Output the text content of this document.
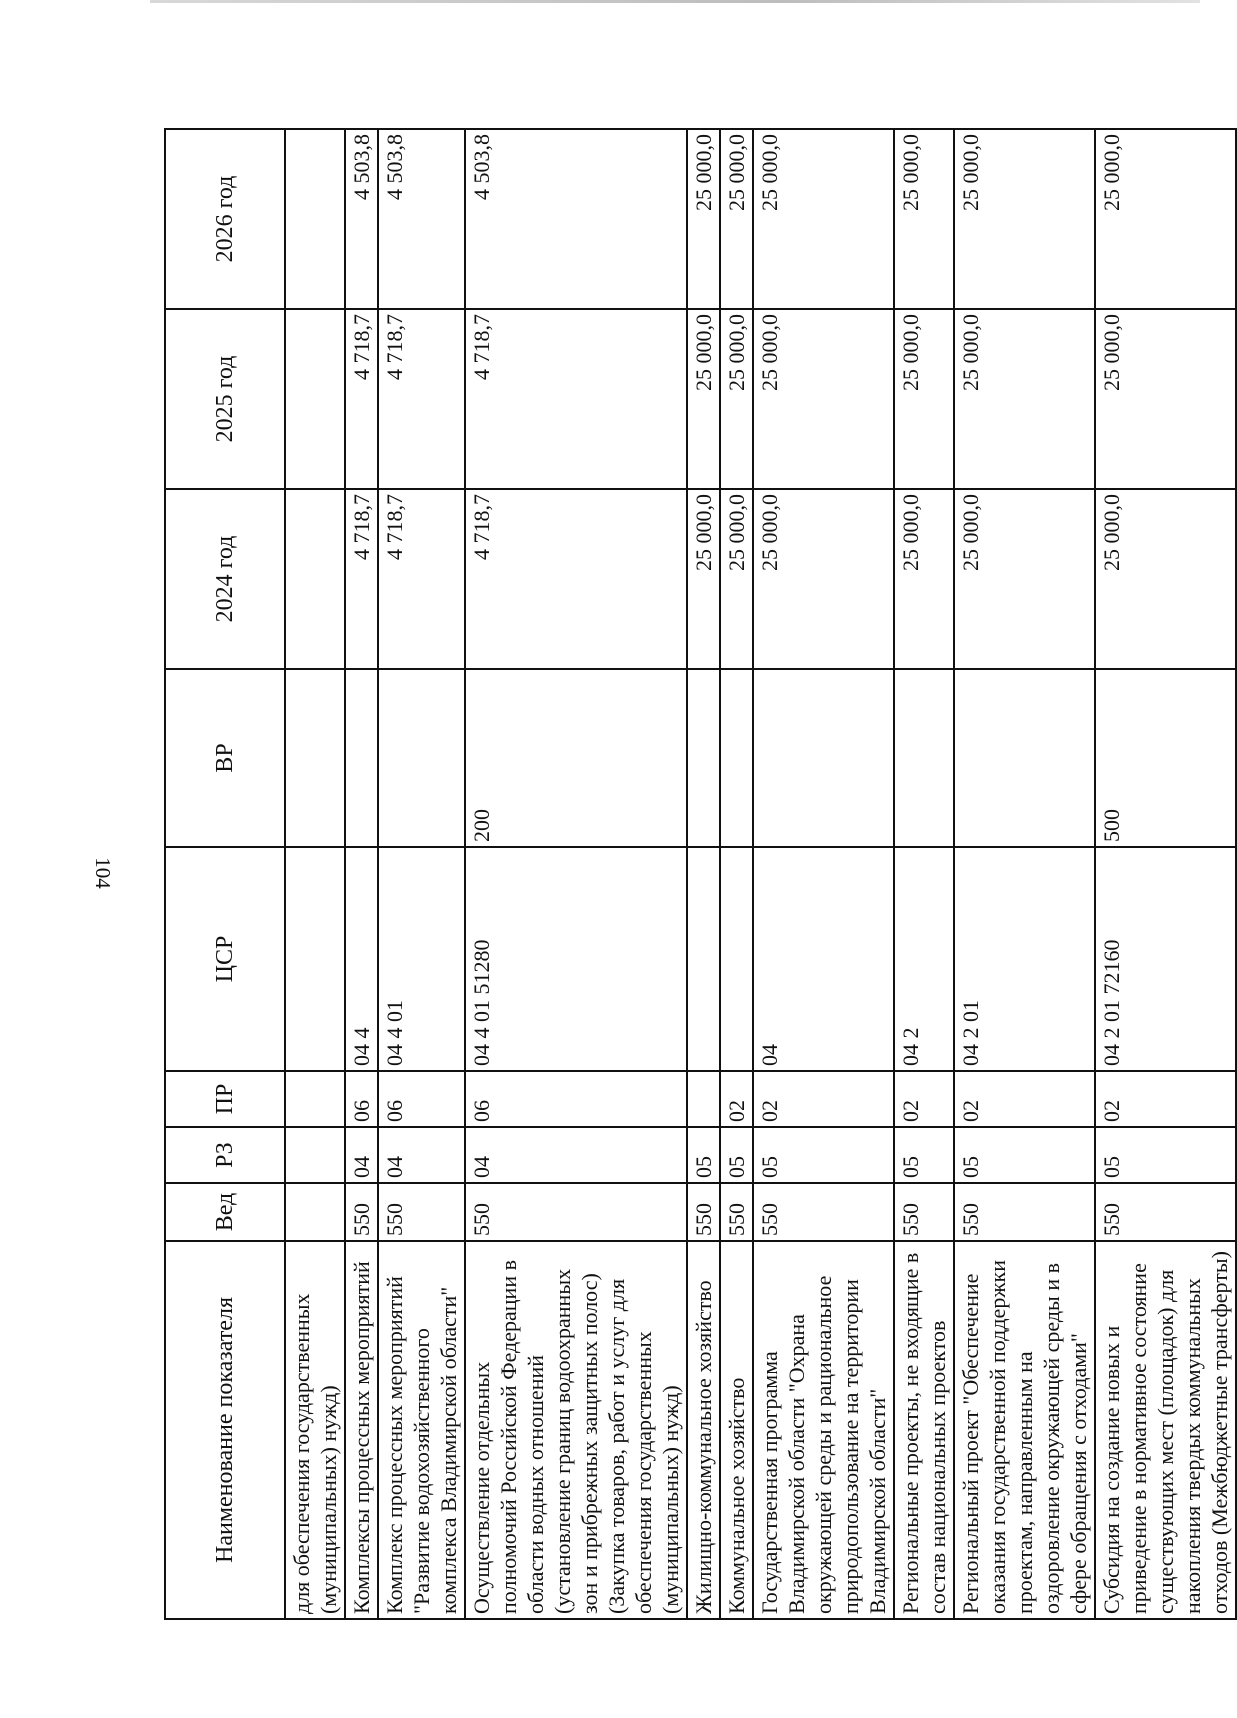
104
Наименование показателя	Вед	РЗ	ПР	ЦСР	ВР	2024 год	2025 год	2026 год
для обеспечения государственных (муниципальных) нужд)								
Комплексы процессных мероприятий	550	04	06	04 4		4 718,7	4 718,7	4 503,8
Комплекс процессных мероприятий "Развитие водохозяйственного комплекса Владимирской области"	550	04	06	04 4 01		4 718,7	4 718,7	4 503,8
Осуществление отдельных полномочий Российской Федерации в области водных отношений (установление границ водоохранных зон и прибрежных защитных полос) (Закупка товаров, работ и услуг для обеспечения государственных (муниципальных) нужд)	550	04	06	04 4 01 51280	200	4 718,7	4 718,7	4 503,8
Жилищно-коммунальное хозяйство	550	05				25 000,0	25 000,0	25 000,0
Коммунальное хозяйство	550	05	02			25 000,0	25 000,0	25 000,0
Государственная программа Владимирской области "Охрана окружающей среды и рациональное природопользование на территории Владимирской области"	550	05	02	04		25 000,0	25 000,0	25 000,0
Региональные проекты, не входящие в состав национальных проектов	550	05	02	04 2		25 000,0	25 000,0	25 000,0
Региональный проект "Обеспечение оказания государственной поддержки проектам, направленным на оздоровление окружающей среды и в сфере обращения с отходами"	550	05	02	04 2 01		25 000,0	25 000,0	25 000,0
Субсидия на создание новых и приведение в нормативное состояние существующих мест (площадок) для накопления твердых коммунальных отходов (Межбюджетные трансферты)	550	05	02	04 2 01 72160	500	25 000,0	25 000,0	25 000,0
